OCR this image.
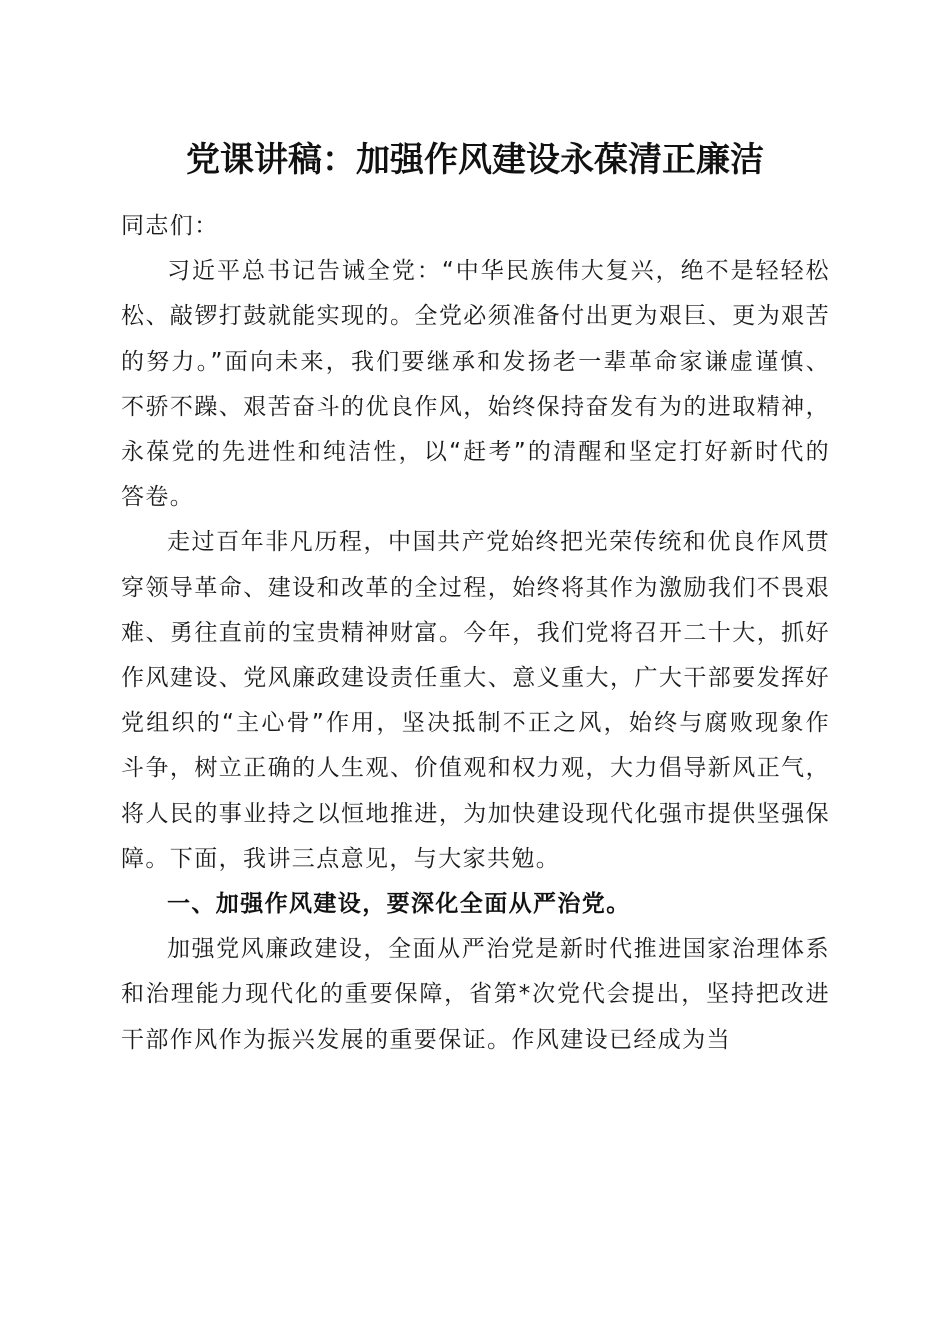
党课讲稿：加强作风建设永葆清正廉洁

同志们：

习近平总书记告诫全党：“中华民族伟大复兴，绝不是轻轻松松、敲锣打鼓就能实现的。全党必须准备付出更为艰巨、更为艰苦的努力。”面向未来，我们要继承和发扬老一辈革命家谦虚谨慎、不骄不躁、艰苦奋斗的优良作风，始终保持奋发有为的进取精神，永葆党的先进性和纯洁性，以“赶考”的清醒和坚定打好新时代的答卷。

走过百年非凡历程，中国共产党始终把光荣传统和优良作风贯穿领导革命、建设和改革的全过程，始终将其作为激励我们不畏艰难、勇往直前的宝贵精神财富。今年，我们党将召开二十大，抓好作风建设、党风廉政建设责任重大、意义重大，广大干部要发挥好党组织的“主心骨”作用，坚决抵制不正之风，始终与腐败现象作斗争，树立正确的人生观、价值观和权力观，大力倡导新风正气，将人民的事业持之以恒地推进，为加快建设现代化强市提供坚强保障。下面，我讲三点意见，与大家共勉。

一、加强作风建设，要深化全面从严治党。

加强党风廉政建设，全面从严治党是新时代推进国家治理体系和治理能力现代化的重要保障，省第*次党代会提出，坚持把改进干部作风作为振兴发展的重要保证。作风建设已经成为当
